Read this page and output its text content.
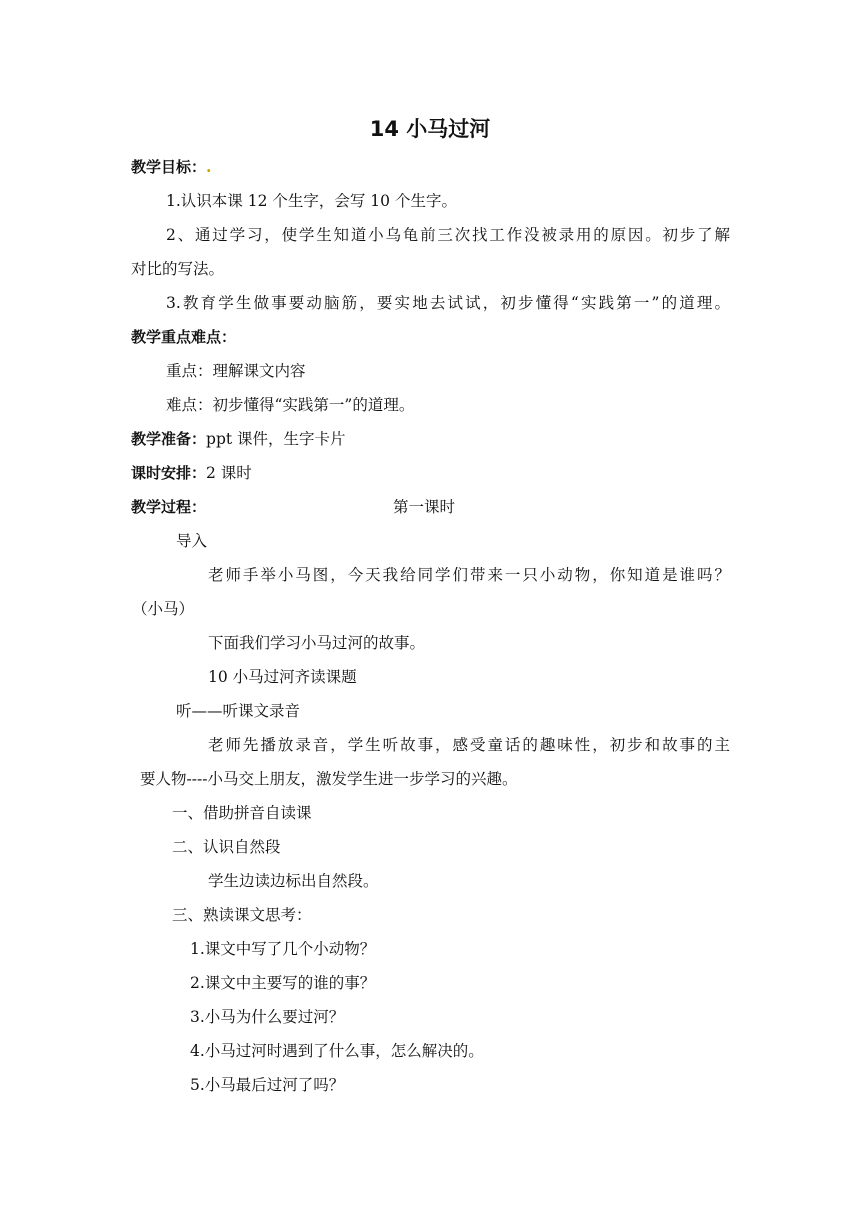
14 小马过河
教学目标：.
1.认识本课 12 个生字，会写 10 个生字。
2、通过学习，使学生知道小乌龟前三次找工作没被录用的原因。初步了解
对比的写法。
3.教育学生做事要动脑筋，要实地去试试，初步懂得“实践第一”的道理。
教学重点难点：
重点：理解课文内容
难点：初步懂得“实践第一”的道理。
教学准备：ppt 课件，生字卡片
课时安排：2 课时
教学过程：	第一课时
导入
老师手举小马图，今天我给同学们带来一只小动物，你知道是谁吗？
（小马）
下面我们学习小马过河的故事。
10 小马过河齐读课题
听——听课文录音
老师先播放录音，学生听故事，感受童话的趣味性，初步和故事的主
要人物----小马交上朋友，激发学生进一步学习的兴趣。
一、借助拼音自读课
二、认识自然段
学生边读边标出自然段。
三、熟读课文思考：
1.课文中写了几个小动物？
2.课文中主要写的谁的事？
3.小马为什么要过河？
4.小马过河时遇到了什么事，怎么解决的。
5.小马最后过河了吗？
